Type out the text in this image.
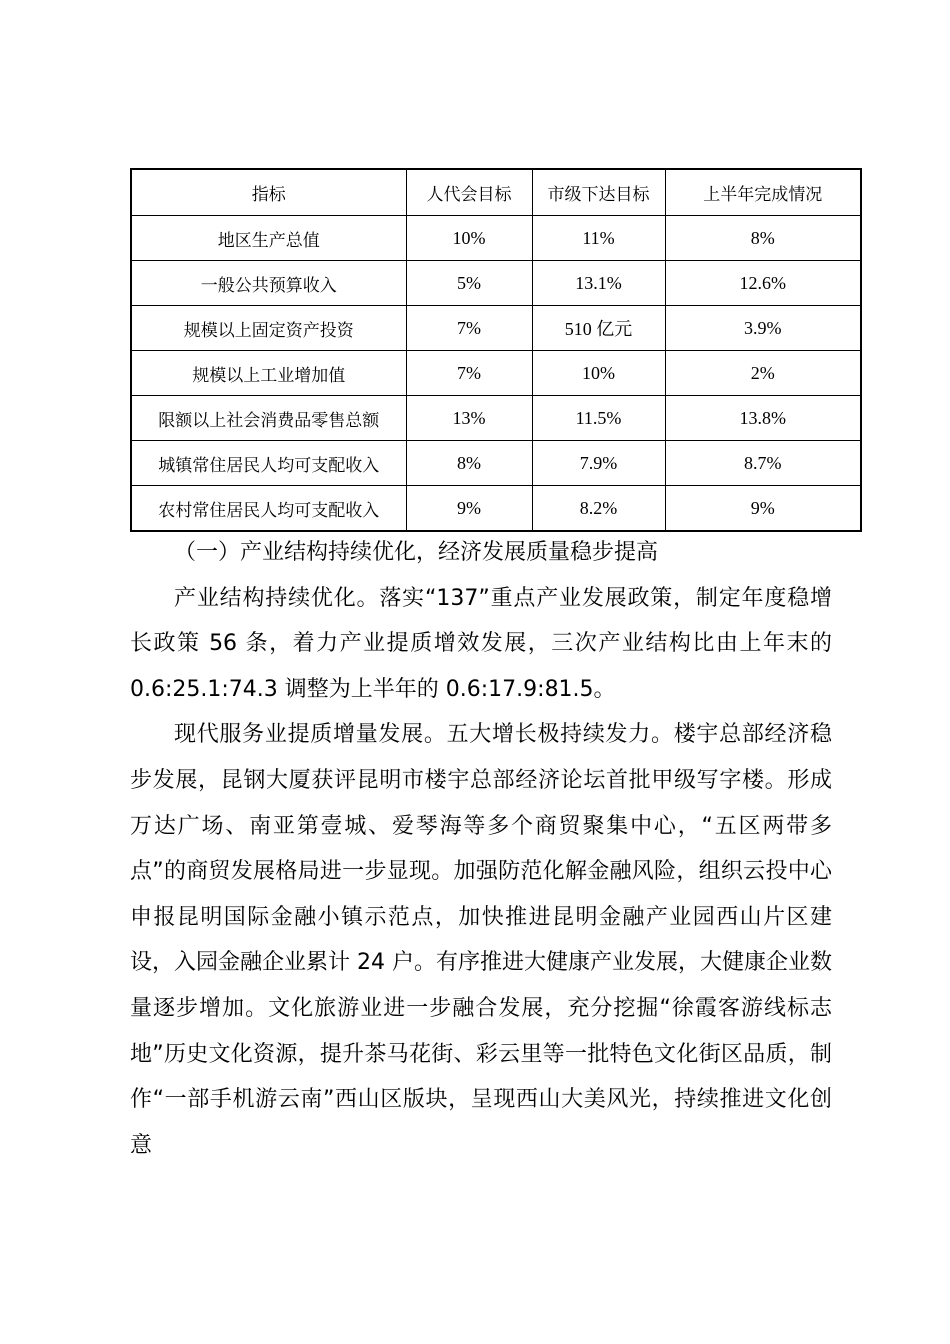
指标	人代会目标	市级下达目标	上半年完成情况
地区生产总值	10%	11%	8%
一般公共预算收入	5%	13.1%	12.6%
规模以上固定资产投资	7%	510 亿元	3.9%
规模以上工业增加值	7%	10%	2%
限额以上社会消费品零售总额	13%	11.5%	13.8%
城镇常住居民人均可支配收入	8%	7.9%	8.7%
农村常住居民人均可支配收入	9%	8.2%	9%

（一）产业结构持续优化，经济发展质量稳步提高

产业结构持续优化。落实“137”重点产业发展政策，制定年度稳增长政策 56 条，着力产业提质增效发展，三次产业结构比由上年末的 0.6:25.1:74.3 调整为上半年的 0.6:17.9:81.5。

现代服务业提质增量发展。五大增长极持续发力。楼宇总部经济稳步发展，昆钢大厦获评昆明市楼宇总部经济论坛首批甲级写字楼。形成万达广场、南亚第壹城、爱琴海等多个商贸聚集中心，“五区两带多点”的商贸发展格局进一步显现。加强防范化解金融风险，组织云投中心申报昆明国际金融小镇示范点，加快推进昆明金融产业园西山片区建设，入园金融企业累计 24 户。有序推进大健康产业发展，大健康企业数量逐步增加。文化旅游业进一步融合发展，充分挖掘“徐霞客游线标志地”历史文化资源，提升茶马花街、彩云里等一批特色文化街区品质，制作“一部手机游云南”西山区版块，呈现西山大美风光，持续推进文化创意
